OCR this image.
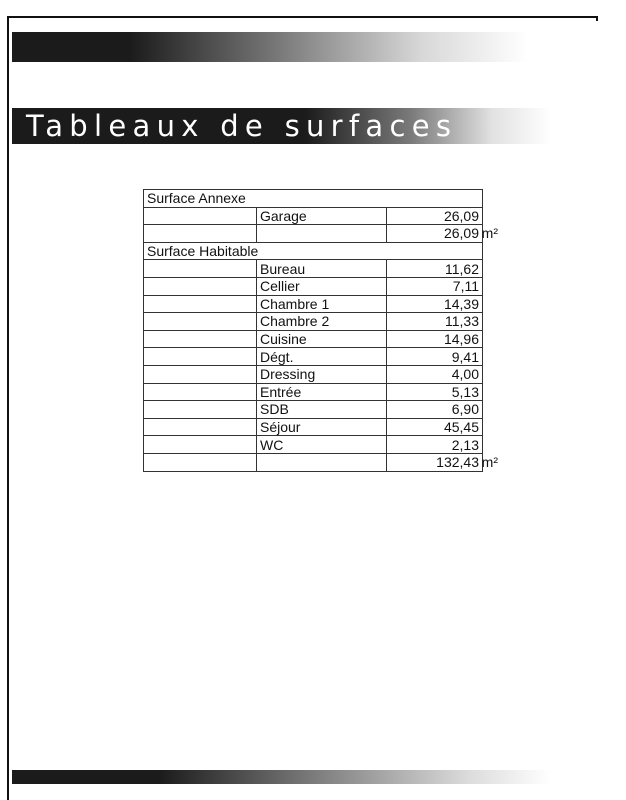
Tableaux de surfaces
Surface Annexe		
	Garage	26,09
		26,09 m²

Surface Habitable		
	Bureau	11,62
	Cellier	7,11
	Chambre 1	14,39
	Chambre 2	11,33
	Cuisine	14,96
	Dégt.	9,41
	Dressing	4,00
	Entrée	5,13
	SDB	6,90
	Séjour	45,45
	WC	2,13
		132,43 m²
